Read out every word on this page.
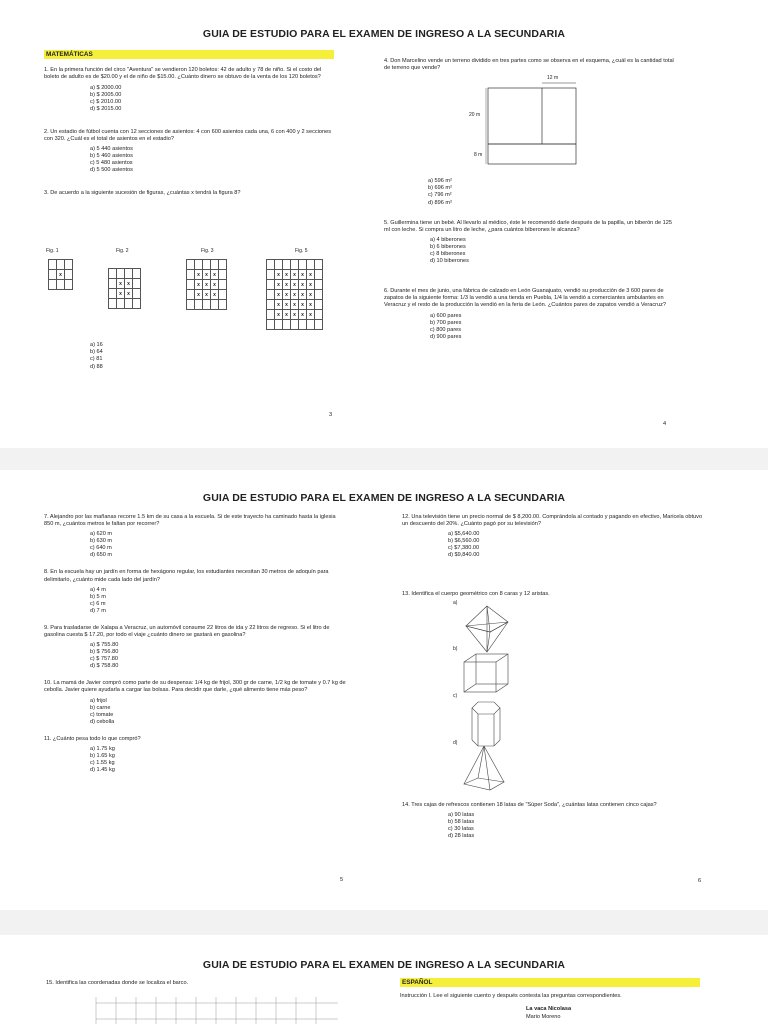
GUIA DE ESTUDIO PARA EL EXAMEN DE INGRESO A LA SECUNDARIA
MATEMÁTICAS
1. En la primera función del circo "Aventura" se vendieron 120 boletos: 42 de adulto y 78 de niño. Si el costo del boleto de adulto es de $20.00 y el de niño de $15.00. ¿Cuánto dinero se obtuvo de la venta de los 120 boletos?
a) $ 2000.00
b) $ 2005.00
c) $ 2010.00
d) $ 2015.00
2. Un estadio de fútbol cuenta con 12 secciones de asientos: 4 con 600 asientos cada una, 6 con 400 y 2 secciones con 320. ¿Cuál es el total de asientos en el estadio?
a) 5 440 asientos
b) 5 460 asientos
c) 5 480 asientos
d) 5 500 asientos
3. De acuerdo a la siguiente sucesión de figuras, ¿cuántas x tendrá la figura 8?
Fig. 1	Fig. 2	Fig. 3	Fig. 5

	x	

	x	x	
	x	x	

	x	x	x	
	x	x	x	
	x	x	x	

	x	x	x	x	x	
	x	x	x	x	x	
	x	x	x	x	x	
	x	x	x	x	x	
	x	x	x	x	x	

a) 16
b) 64
c) 81
d) 88
4. Don Marcelino vende un terreno dividido en tres partes como se observa en el esquema, ¿cuál es la cantidad total de terreno que vende?
12 m
20 m
8 m
a) 596 m²
b) 696 m²
c) 796 m²
d) 896 m²
5. Guillermina tiene un bebé. Al llevarlo al médico, éste le recomendó darle después de la papilla, un biberón de 125 ml con leche. Si compra un litro de leche, ¿para cuántos biberones le alcanza?
a) 4 biberones
b) 6 biberones
c) 8 biberones
d) 10 biberones
6. Durante el mes de junio, una fábrica de calzado en León Guanajuato, vendió su producción de 3 600 pares de zapatos de la siguiente forma: 1/3 la vendió a una tienda en Puebla, 1/4 la vendió a comerciantes ambulantes en Veracruz y el resto de la producción la vendió en la feria de León. ¿Cuántos pares de zapatos vendió a Veracruz?
a) 600 pares
b) 700 pares
c) 800 pares
d) 900 pares
3
4
GUIA DE ESTUDIO PARA EL EXAMEN DE INGRESO A LA SECUNDARIA
7. Alejandro por las mañanas recorre 1.5 km de su casa a la escuela. Si de este trayecto ha caminado hasta la iglesia 850 m, ¿cuántos metros le faltan por recorrer?
a) 620 m
b) 630 m
c) 640 m
d) 650 m
8. En la escuela hay un jardín en forma de hexágono regular, los estudiantes necesitan 30 metros de adoquín para delimitarlo, ¿cuánto mide cada lado del jardín?
a) 4 m
b) 5 m
c) 6 m
d) 7 m
9. Para trasladarse de Xalapa a Veracruz, un automóvil consume 22 litros de ida y 22 litros de regreso. Si el litro de gasolina cuesta $ 17.20, por todo el viaje ¿cuánto dinero se gastará en gasolina?
a) $ 755.80
b) $ 756.80
c) $ 757.80
d) $ 758.80
10. La mamá de Javier compró como parte de su despensa: 1/4 kg de frijol, 300 gr de carne, 1/2 kg de tomate y 0.7 kg de cebolla. Javier quiere ayudarla a cargar las bolsas. Para decidir que darle, ¿qué alimento tiene más peso?
a) frijol
b) carne
c) tomate
d) cebolla
11. ¿Cuánto pesa todo lo que compró?
a) 1.75 kg
b) 1.65 kg
c) 1.55 kg
d) 1.45 kg
12. Una televisión tiene un precio normal de $ 8,200.00. Comprándola al contado y pagando en efectivo, Maricela obtuvo un descuento del 20%. ¿Cuánto pagó por su televisión?
a) $5,640.00
b) $6,560.00
c) $7,380.00
d) $9,840.00
13. Identifica el cuerpo geométrico con 8 caras y 12 aristas.
a)
b)
c)
d)
14. Tres cajas de refrescos contienen 18 latas de "Súper Soda", ¿cuántas latas contienen cinco cajas?
a) 90 latas
b) 58 latas
c) 30 latas
d) 28 latas
5	6
GUIA DE ESTUDIO PARA EL EXAMEN DE INGRESO A LA SECUNDARIA
15. Identifica las coordenadas donde se localiza el barco.	ESPAÑOL
Instrucción I. Lee el siguiente cuento y después contesta las preguntas correspondientes.
La vaca Nicolasa
Mario Moreno
